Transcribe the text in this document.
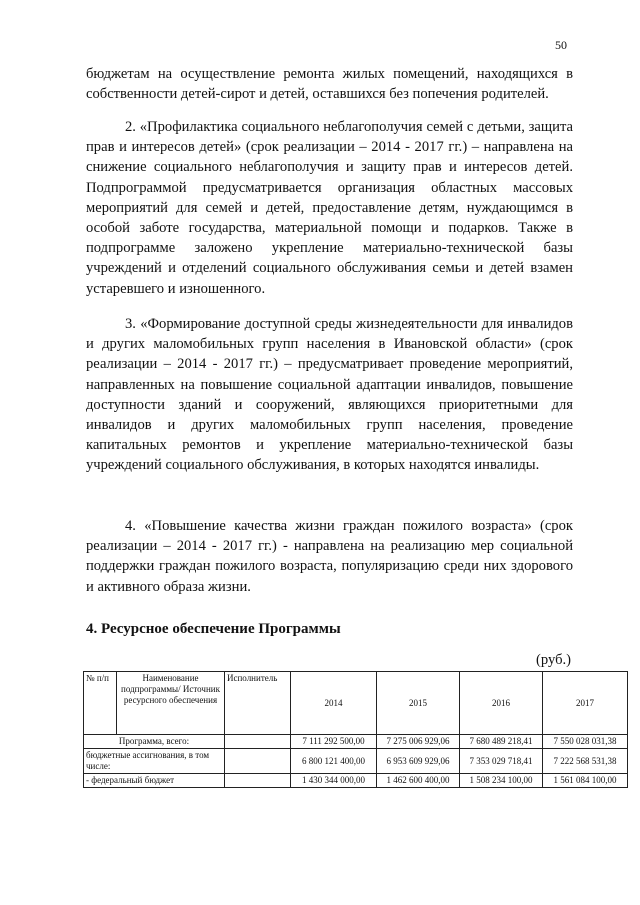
50

бюджетам на осуществление ремонта жилых помещений, находящихся в собственности детей-сирот и детей, оставшихся без попечения родителей.

2. «Профилактика социального неблагополучия семей с детьми, защита прав и интересов детей» (срок реализации – 2014 - 2017 гг.) – направлена на снижение социального неблагополучия и защиту прав и интересов детей. Подпрограммой предусматривается организация областных массовых мероприятий для семей и детей, предоставление детям, нуждающимся в особой заботе государства, материальной помощи и подарков. Также в подпрограмме заложено укрепление материально-технической базы учреждений и отделений социального обслуживания семьи и детей взамен устаревшего и изношенного.

3. «Формирование доступной среды жизнедеятельности для инвалидов и других маломобильных групп населения в Ивановской области» (срок реализации – 2014 - 2017 гг.) – предусматривает проведение мероприятий, направленных на повышение социальной адаптации инвалидов, повышение доступности зданий и сооружений, являющихся приоритетными для инвалидов и других маломобильных групп населения, проведение капитальных ремонтов и укрепление материально-технической базы учреждений социального обслуживания, в которых находятся инвалиды.

4. «Повышение качества жизни граждан пожилого возраста» (срок реализации – 2014 - 2017 гг.) - направлена на реализацию мер социальной поддержки граждан пожилого возраста, популяризацию среди них здорового и активного образа жизни.

4. Ресурсное обеспечение Программы
(руб.)
№ п/п	Наименование подпрограммы/ Источник ресурсного обеспечения	Исполнитель	2014	2015	2016	2017
Программа, всего:			7 111 292 500,00	7 275 006 929,06	7 680 489 218,41	7 550 028 031,38
бюджетные ассигнования, в том числе:			6 800 121 400,00	6 953 609 929,06	7 353 029 718,41	7 222 568 531,38
- федеральный бюджет			1 430 344 000,00	1 462 600 400,00	1 508 234 100,00	1 561 084 100,00
